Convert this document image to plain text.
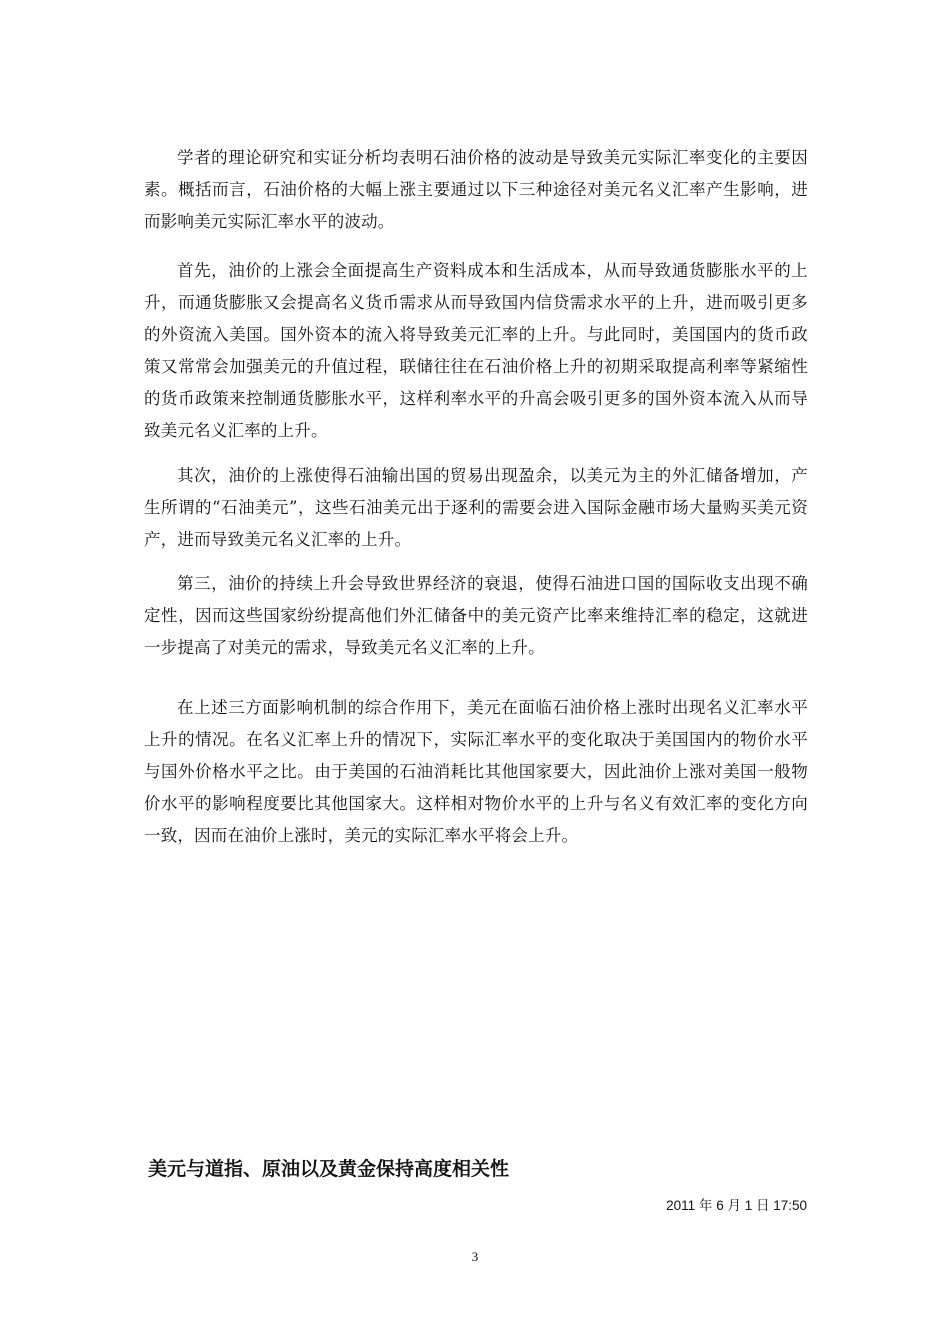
学者的理论研究和实证分析均表明石油价格的波动是导致美元实际汇率变化的主要因素。概括而言，石油价格的大幅上涨主要通过以下三种途径对美元名义汇率产生影响，进而影响美元实际汇率水平的波动。

首先，油价的上涨会全面提高生产资料成本和生活成本，从而导致通货膨胀水平的上升，而通货膨胀又会提高名义货币需求从而导致国内信贷需求水平的上升，进而吸引更多的外资流入美国。国外资本的流入将导致美元汇率的上升。与此同时，美国国内的货币政策又常常会加强美元的升值过程，联储往往在石油价格上升的初期采取提高利率等紧缩性的货币政策来控制通货膨胀水平，这样利率水平的升高会吸引更多的国外资本流入从而导致美元名义汇率的上升。

其次，油价的上涨使得石油输出国的贸易出现盈余，以美元为主的外汇储备增加，产生所谓的“石油美元”，这些石油美元出于逐利的需要会进入国际金融市场大量购买美元资产，进而导致美元名义汇率的上升。

第三，油价的持续上升会导致世界经济的衰退，使得石油进口国的国际收支出现不确定性，因而这些国家纷纷提高他们外汇储备中的美元资产比率来维持汇率的稳定，这就进一步提高了对美元的需求，导致美元名义汇率的上升。

在上述三方面影响机制的综合作用下，美元在面临石油价格上涨时出现名义汇率水平上升的情况。在名义汇率上升的情况下，实际汇率水平的变化取决于美国国内的物价水平与国外价格水平之比。由于美国的石油消耗比其他国家要大，因此油价上涨对美国一般物价水平的影响程度要比其他国家大。这样相对物价水平的上升与名义有效汇率的变化方向一致，因而在油价上涨时，美元的实际汇率水平将会上升。

美元与道指、原油以及黄金保持高度相关性
2011 年 6 月 1 日 17:50
3
